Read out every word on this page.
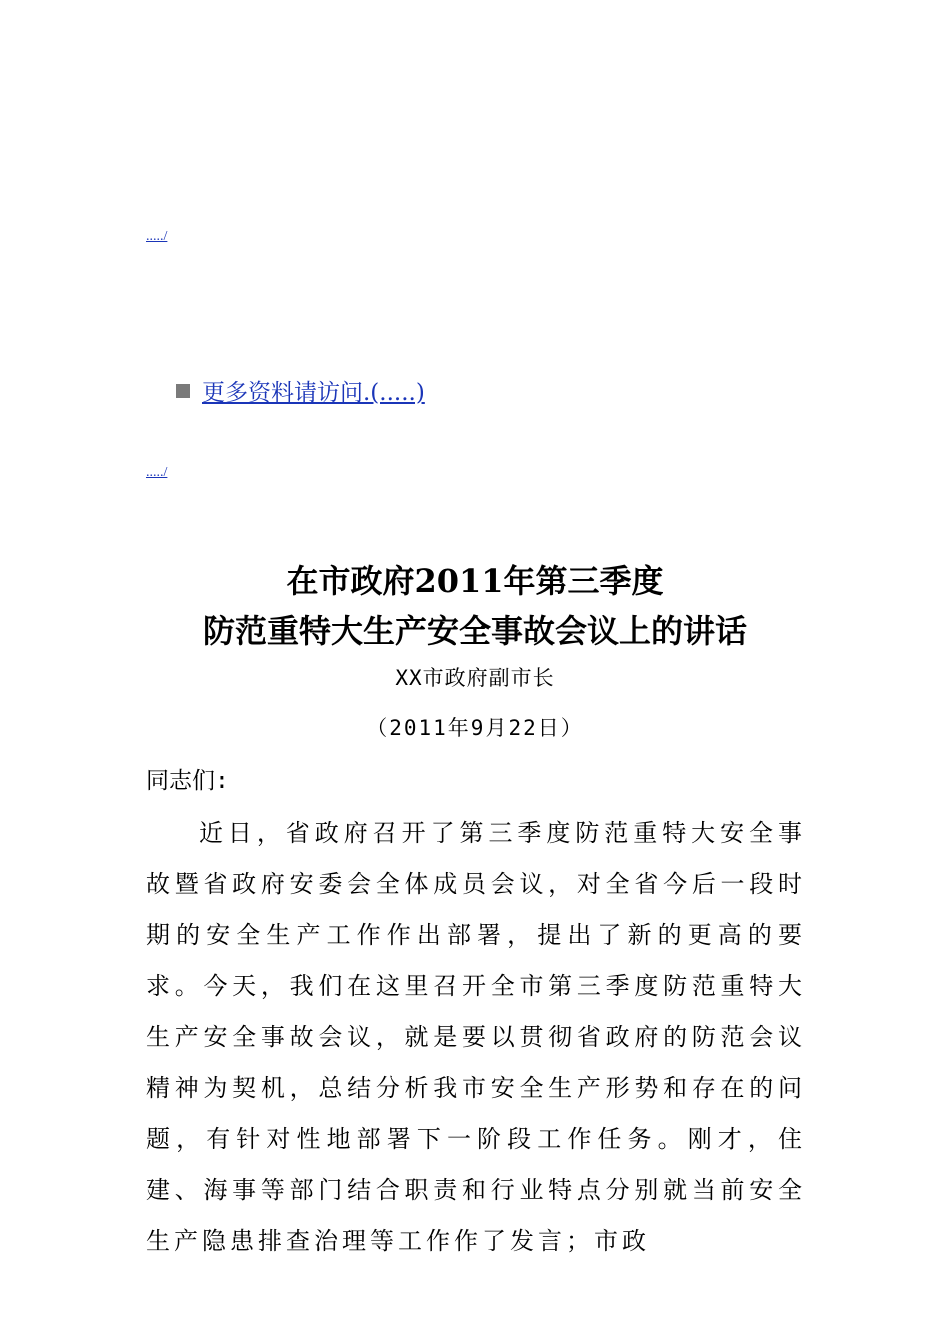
...../
更多资料请访问.(.....)
...../
在市政府2011年第三季度
防范重特大生产安全事故会议上的讲话
XX市政府副市长
（2011年9月22日）
同志们:
近日，省政府召开了第三季度防范重特大安全事故暨省政府安委会全体成员会议，对全省今后一段时期的安全生产工作作出部署，提出了新的更高的要求。今天，我们在这里召开全市第三季度防范重特大生产安全事故会议，就是要以贯彻省政府的防范会议精神为契机，总结分析我市安全生产形势和存在的问题，有针对性地部署下一阶段工作任务。刚才，住建、海事等部门结合职责和行业特点分别就当前安全生产隐患排查治理等工作作了发言；市政
